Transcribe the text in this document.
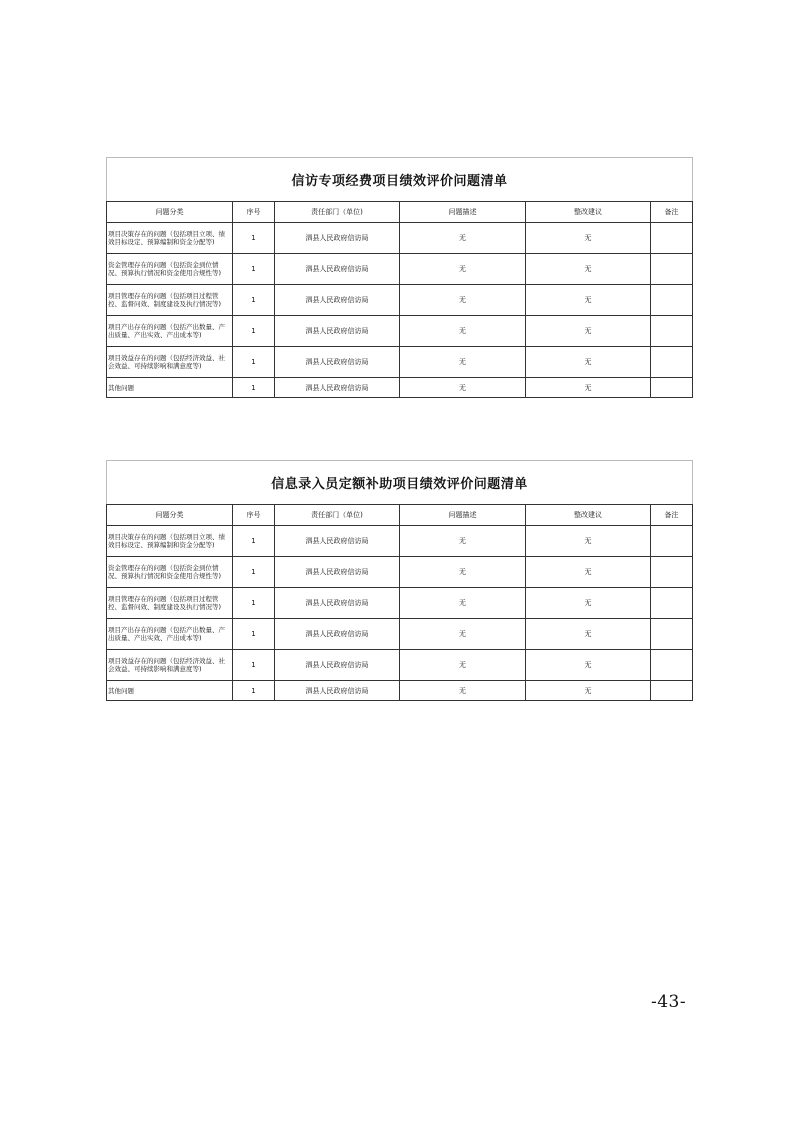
信访专项经费项目绩效评价问题清单					
问题分类	序号	责任部门（单位)	问题描述	整改建议	备注
项目决策存在的问题（包括项目立项、绩效目标设定、预算编制和资金分配等)	1	泗县人民政府信访局	无	无	
资金管理存在的问题（包括资金到位情况、预算执行情况和资金使用合规性等)	1	泗县人民政府信访局	无	无	
项目管理存在的问题（包括项目过程管控、监督问效、制度建设及执行情况等)	1	泗县人民政府信访局	无	无	
项目产出存在的问题（包括产出数量、产出质量、产出实效、产出成本等)	1	泗县人民政府信访局	无	无	
项目效益存在的问题（包括经济效益、社会效益、可持续影响和满意度等)	1	泗县人民政府信访局	无	无	
其他问题	1	泗县人民政府信访局	无	无	
信息录入员定额补助项目绩效评价问题清单					
问题分类	序号	责任部门（单位)	问题描述	整改建议	备注
项目决策存在的问题（包括项目立项、绩效目标设定、预算编制和资金分配等)	1	泗县人民政府信访局	无	无	
资金管理存在的问题（包括资金到位情况、预算执行情况和资金使用合规性等)	1	泗县人民政府信访局	无	无	
项目管理存在的问题（包括项目过程管控、监督问效、制度建设及执行情况等)	1	泗县人民政府信访局	无	无	
项目产出存在的问题（包括产出数量、产出质量、产出实效、产出成本等)	1	泗县人民政府信访局	无	无	
项目效益存在的问题（包括经济效益、社会效益、可持续影响和满意度等)	1	泗县人民政府信访局	无	无	
其他问题	1	泗县人民政府信访局	无	无	
-43-
